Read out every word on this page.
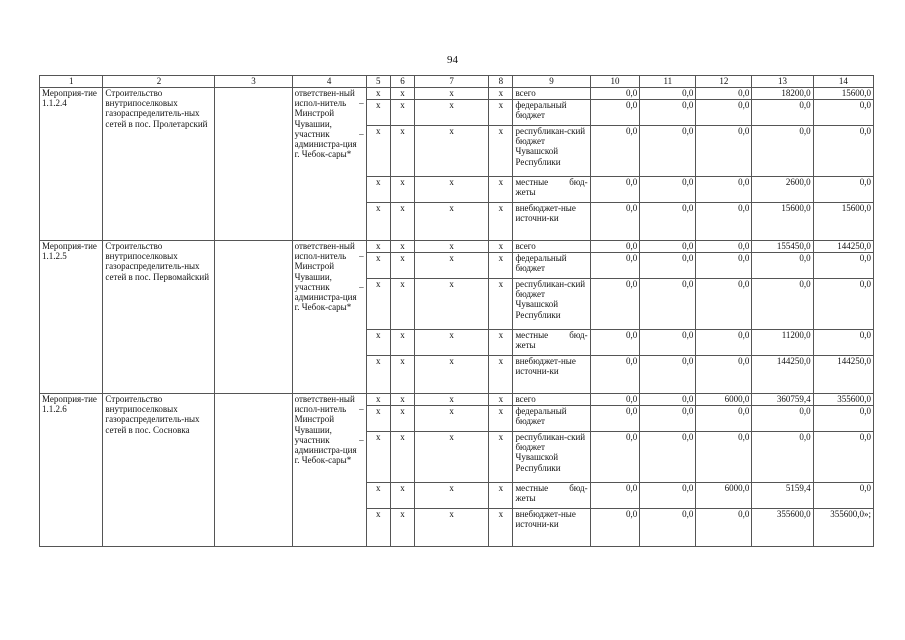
94
1	2	3	4	5	6	7	8	9	10	11	12	13	14
Мероприя-тие 1.1.2.4	Строительство внутрипоселковых газораспределитель-ных сетей в пос. Пролетарский		ответствен-ный испол-нитель – Минстрой Чувашии, участник – администра-ция г. Чебок-сары*	х	х	х	х	всего	0,0	0,0	0,0	18200,0	15600,0
				х	х	х	х	федеральный бюджет	0,0	0,0	0,0	0,0	0,0
				х	х	х	х	республикан-ский бюджет Чувашской Республики	0,0	0,0	0,0	0,0	0,0
				х	х	х	х	местные бюд-жеты	0,0	0,0	0,0	2600,0	0,0
				х	х	х	х	внебюджет-ные источни-ки	0,0	0,0	0,0	15600,0	15600,0
Мероприя-тие 1.1.2.5	Строительство внутрипоселковых газораспределитель-ных сетей в пос. Первомайский		ответствен-ный испол-нитель – Минстрой Чувашии, участник – администра-ция г. Чебок-сары*	х	х	х	х	всего	0,0	0,0	0,0	155450,0	144250,0
				х	х	х	х	федеральный бюджет	0,0	0,0	0,0	0,0	0,0
				х	х	х	х	республикан-ский бюджет Чувашской Республики	0,0	0,0	0,0	0,0	0,0
				х	х	х	х	местные бюд-жеты	0,0	0,0	0,0	11200,0	0,0
				х	х	х	х	внебюджет-ные источни-ки	0,0	0,0	0,0	144250,0	144250,0
Мероприя-тие 1.1.2.6	Строительство внутрипоселковых газораспределитель-ных сетей в пос. Сосновка		ответствен-ный испол-нитель – Минстрой Чувашии, участник – администра-ция г. Чебок-сары*	х	х	х	х	всего	0,0	0,0	6000,0	360759,4	355600,0
				х	х	х	х	федеральный бюджет	0,0	0,0	0,0	0,0	0,0
				х	х	х	х	республикан-ский бюджет Чувашской Республики	0,0	0,0	0,0	0,0	0,0
				х	х	х	х	местные бюд-жеты	0,0	0,0	6000,0	5159,4	0,0
				х	х	х	х	внебюджет-ные источни-ки	0,0	0,0	0,0	355600,0	355600,0»;
